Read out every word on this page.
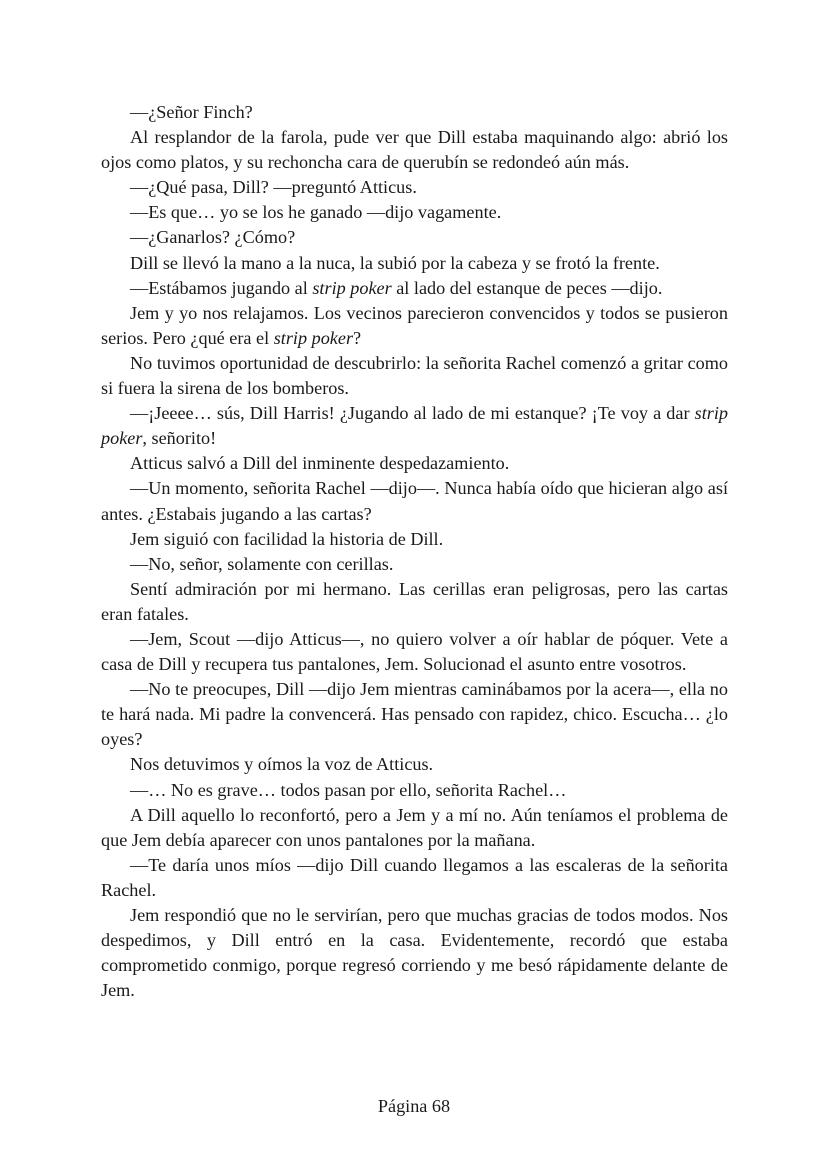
—¿Señor Finch?

Al resplandor de la farola, pude ver que Dill estaba maquinando algo: abrió los ojos como platos, y su rechoncha cara de querubín se redondeó aún más.

—¿Qué pasa, Dill? —preguntó Atticus.

—Es que… yo se los he ganado —dijo vagamente.

—¿Ganarlos? ¿Cómo?

Dill se llevó la mano a la nuca, la subió por la cabeza y se frotó la frente.

—Estábamos jugando al strip poker al lado del estanque de peces —dijo.

Jem y yo nos relajamos. Los vecinos parecieron convencidos y todos se pusieron serios. Pero ¿qué era el strip poker?

No tuvimos oportunidad de descubrirlo: la señorita Rachel comenzó a gritar como si fuera la sirena de los bomberos.

—¡Jeeee… sús, Dill Harris! ¿Jugando al lado de mi estanque? ¡Te voy a dar strip poker, señorito!

Atticus salvó a Dill del inminente despedazamiento.

—Un momento, señorita Rachel —dijo—. Nunca había oído que hicieran algo así antes. ¿Estabais jugando a las cartas?

Jem siguió con facilidad la historia de Dill.

—No, señor, solamente con cerillas.

Sentí admiración por mi hermano. Las cerillas eran peligrosas, pero las cartas eran fatales.

—Jem, Scout —dijo Atticus—, no quiero volver a oír hablar de póquer. Vete a casa de Dill y recupera tus pantalones, Jem. Solucionad el asunto entre vosotros.

—No te preocupes, Dill —dijo Jem mientras caminábamos por la acera—, ella no te hará nada. Mi padre la convencerá. Has pensado con rapidez, chico. Escucha… ¿lo oyes?

Nos detuvimos y oímos la voz de Atticus.

—… No es grave… todos pasan por ello, señorita Rachel…

A Dill aquello lo reconfortó, pero a Jem y a mí no. Aún teníamos el problema de que Jem debía aparecer con unos pantalones por la mañana.

—Te daría unos míos —dijo Dill cuando llegamos a las escaleras de la señorita Rachel.

Jem respondió que no le servirían, pero que muchas gracias de todos modos. Nos despedimos, y Dill entró en la casa. Evidentemente, recordó que estaba comprometido conmigo, porque regresó corriendo y me besó rápidamente delante de Jem.

Página 68
